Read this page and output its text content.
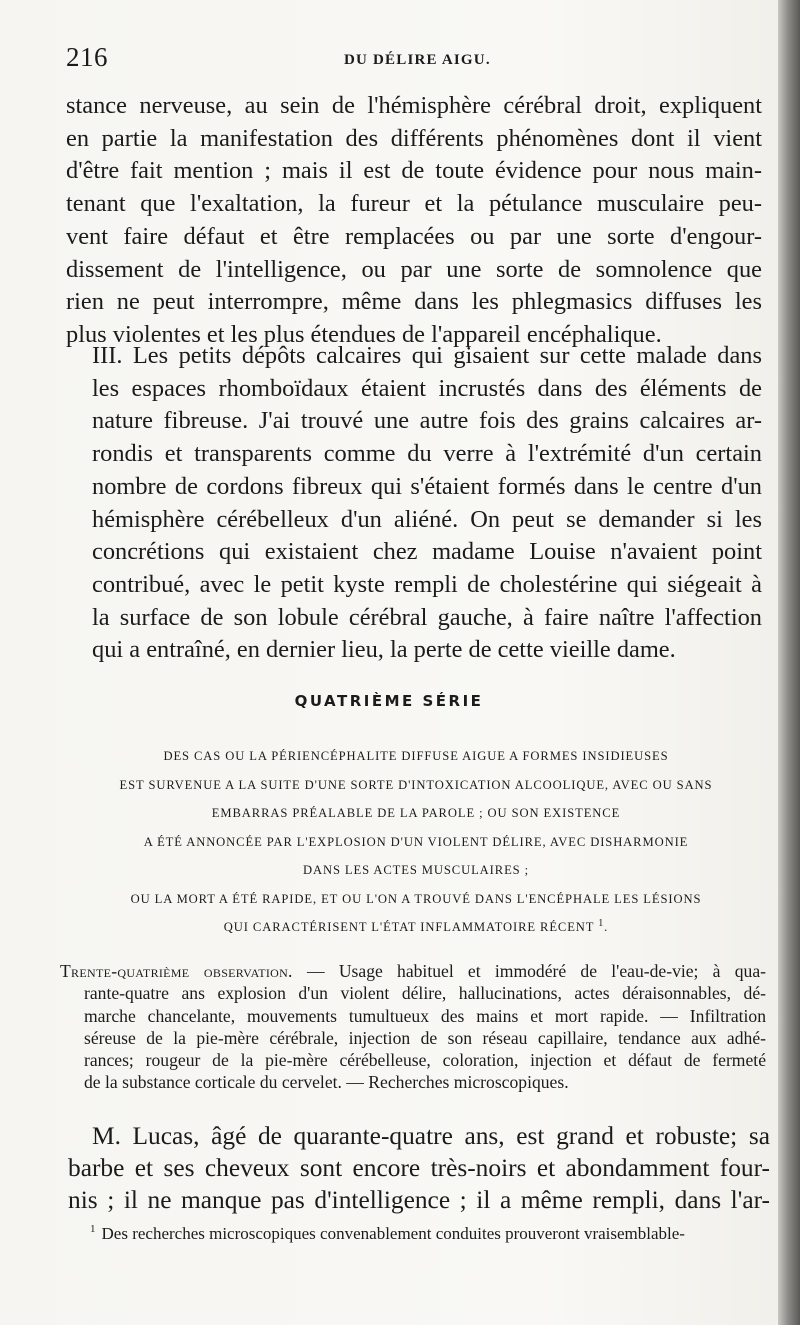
216	DU DÉLIRE AIGU.

stance nerveuse, au sein de l'hémisphère cérébral droit, expliquent
en partie la manifestation des différents phénomènes dont il vient
d'être fait mention ; mais il est de toute évidence pour nous main-
tenant que l'exaltation, la fureur et la pétulance musculaire peu-
vent faire défaut et être remplacées ou par une sorte d'engour-
dissement de l'intelligence, ou par une sorte de somnolence que
rien ne peut interrompre, même dans les phlegmasics diffuses les
plus violentes et les plus étendues de l'appareil encéphalique.

III. Les petits dépôts calcaires qui gisaient sur cette malade dans
les espaces rhomboïdaux étaient incrustés dans des éléments de
nature fibreuse. J'ai trouvé une autre fois des grains calcaires ar-
rondis et transparents comme du verre à l'extrémité d'un certain
nombre de cordons fibreux qui s'étaient formés dans le centre d'un
hémisphère cérébelleux d'un aliéné. On peut se demander si les
concrétions qui existaient chez madame Louise n'avaient point
contribué, avec le petit kyste rempli de cholestérine qui siégeait à
la surface de son lobule cérébral gauche, à faire naître l'affection
qui a entraîné, en dernier lieu, la perte de cette vieille dame.

QUATRIÈME SÉRIE
DES CAS OU LA PÉRIENCÉPHALITE DIFFUSE AIGUE A FORMES INSIDIEUSES
EST SURVENUE A LA SUITE D'UNE SORTE D'INTOXICATION ALCOOLIQUE, AVEC OU SANS
EMBARRAS PRÉALABLE DE LA PAROLE ; OU SON EXISTENCE
A ÉTÉ ANNONCÉE PAR L'EXPLOSION D'UN VIOLENT DÉLIRE, AVEC DISHARMONIE
DANS LES ACTES MUSCULAIRES ;
OU LA MORT A ÉTÉ RAPIDE, ET OU L'ON A TROUVÉ DANS L'ENCÉPHALE LES LÉSIONS
QUI CARACTÉRISENT L'ÉTAT INFLAMMATOIRE RÉCENT $^1$.
Trente-quatrième observation. — Usage habituel et immodéré de l'eau-de-vie; à qua-
rante-quatre ans explosion d'un violent délire, hallucinations, actes déraisonnables, dé-
marche chancelante, mouvements tumultueux des mains et mort rapide. — Infiltration
séreuse de la pie-mère cérébrale, injection de son réseau capillaire, tendance aux adhé-
rances; rougeur de la pie-mère cérébelleuse, coloration, injection et défaut de fermeté
de la substance corticale du cervelet. — Recherches microscopiques.

M. Lucas, âgé de quarante-quatre ans, est grand et robuste; sa
barbe et ses cheveux sont encore très-noirs et abondamment four-
nis ; il ne manque pas d'intelligence ; il a même rempli, dans l'ar-

$^1$ Des recherches microscopiques convenablement conduites prouveront vraisemblable-
